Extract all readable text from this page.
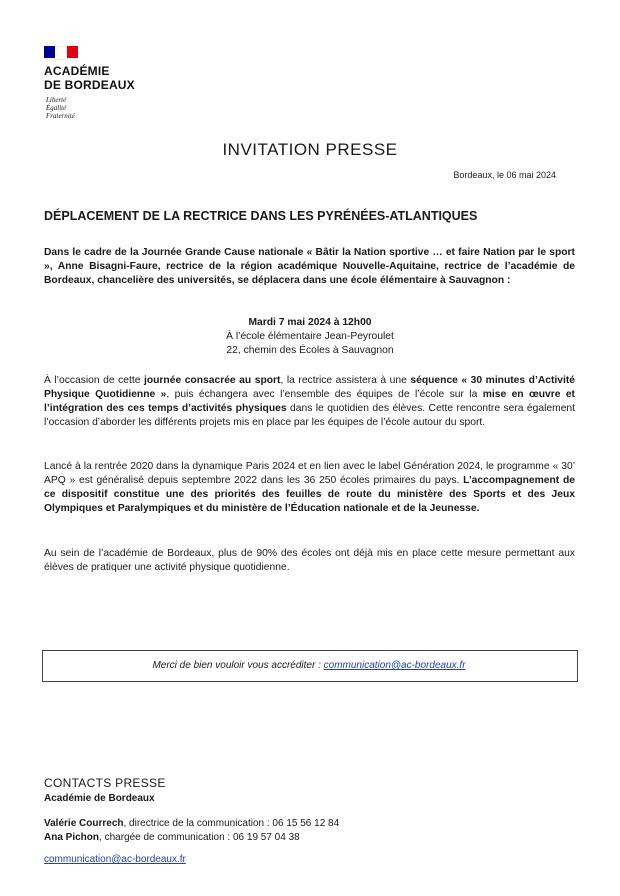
ACADÉMIE
DE BORDEAUX
Liberté
Égalité
Fraternité
INVITATION PRESSE
Bordeaux, le 06 mai 2024
DÉPLACEMENT DE LA RECTRICE DANS LES PYRÉNÉES-ATLANTIQUES
Dans le cadre de la Journée Grande Cause nationale « Bâtir la Nation sportive … et faire Nation par le sport », Anne Bisagni-Faure, rectrice de la région académique Nouvelle-Aquitaine, rectrice de l’académie de Bordeaux, chancelière des universités, se déplacera dans une école élémentaire à Sauvagnon :
Mardi 7 mai 2024 à 12h00
À l’école élémentaire Jean-Peyroulet
22, chemin des Écoles à Sauvagnon
À l’occasion de cette journée consacrée au sport, la rectrice assistera à une séquence « 30 minutes d’Activité Physique Quotidienne », puis échangera avec l’ensemble des équipes de l’école sur la mise en œuvre et l’intégration des ces temps d’activités physiques dans le quotidien des élèves. Cette rencontre sera également l’occasion d’aborder les différents projets mis en place par les équipes de l’école autour du sport.
Lancé à la rentrée 2020 dans la dynamique Paris 2024 et en lien avec le label Génération 2024, le programme « 30’ APQ » est généralisé depuis septembre 2022 dans les 36 250 écoles primaires du pays. L’accompagnement de ce dispositif constitue une des priorités des feuilles de route du ministère des Sports et des Jeux Olympiques et Paralympiques et du ministère de l’Éducation nationale et de la Jeunesse.
Au sein de l’académie de Bordeaux, plus de 90% des écoles ont déjà mis en place cette mesure permettant aux élèves de pratiquer une activité physique quotidienne.
Merci de bien vouloir vous accréditer : communication@ac-bordeaux.fr
CONTACTS PRESSE
Académie de Bordeaux
Valérie Courrech, directrice de la communication : 06 15 56 12 84
Ana Pichon, chargée de communication : 06 19 57 04 38
communication@ac-bordeaux.fr
